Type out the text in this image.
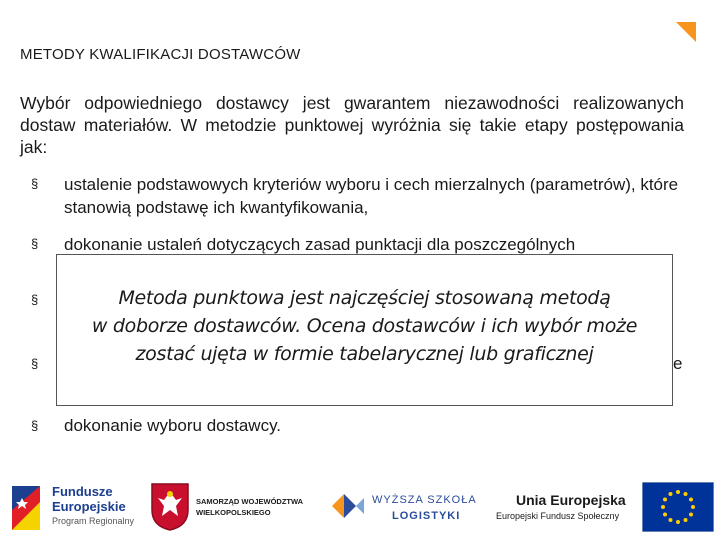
METODY KWALIFIKACJI DOSTAWCÓW
Wybór odpowiedniego dostawcy jest gwarantem niezawodności realizowanych dostaw materiałów. W metodzie punktowej wyróżnia się takie etapy postępowania jak:
§ ustalenie podstawowych kryteriów wyboru i cech mierzalnych (parametrów), które stanowią podstawę ich kwantyfikowania,
§ dokonanie ustaleń dotyczących zasad punktacji dla poszczególnych
§
§
§ dokonanie wyboru dostawcy.
e
Metoda punktowa jest najczęściej stosowaną metodą
w doborze dostawców. Ocena dostawców i ich wybór może
zostać ujęta w formie tabelarycznej lub graficznej
Fundusze
Europejskie
Program Regionalny
SAMORZĄD WOJEWÓDZTWA
WIELKOPOLSKIEGO
WYŻSZA SZKOŁA
LOGISTYKI
Unia Europejska
Europejski Fundusz Społeczny
